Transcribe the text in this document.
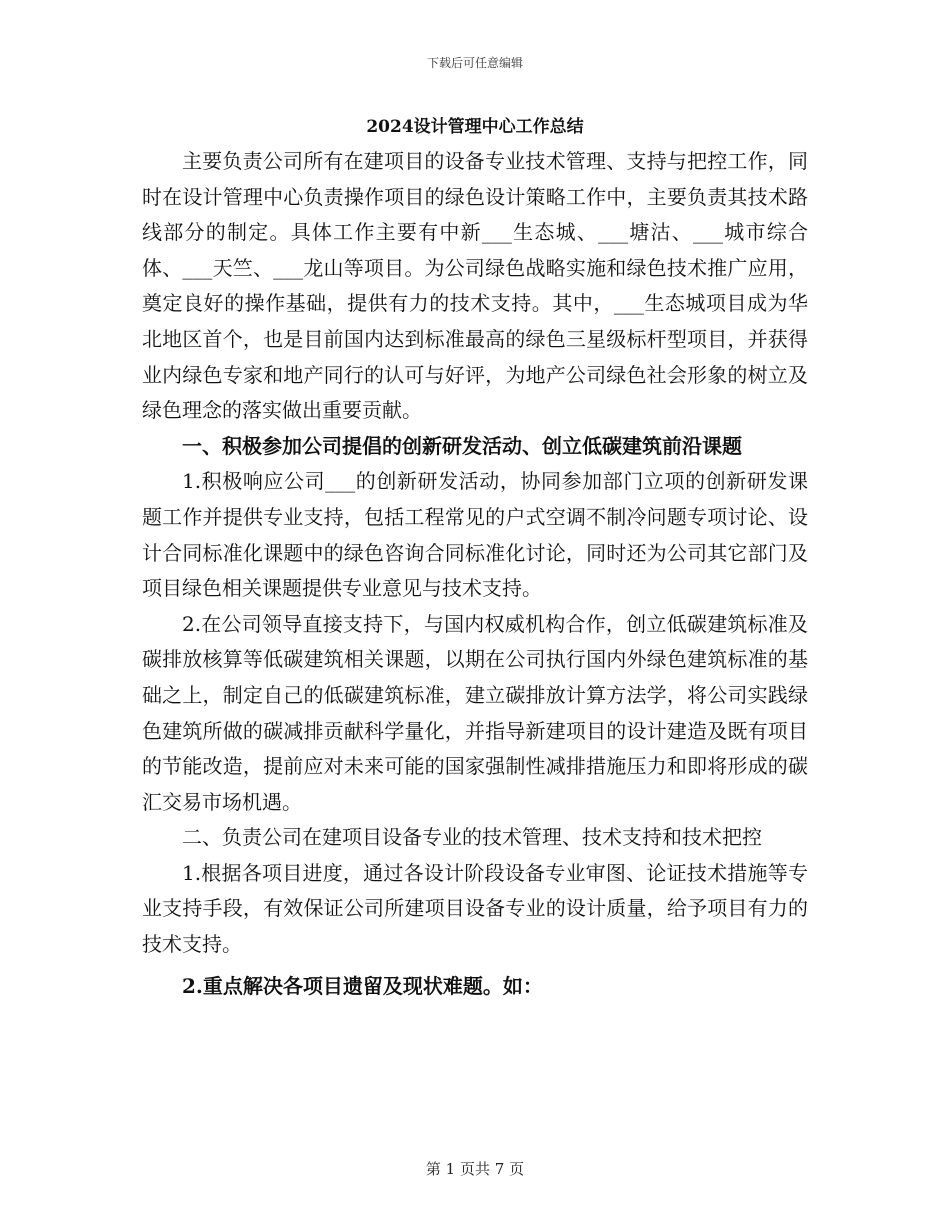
下载后可任意编辑
2024设计管理中心工作总结

主要负责公司所有在建项目的设备专业技术管理、支持与把控工作，同时在设计管理中心负责操作项目的绿色设计策略工作中，主要负责其技术路线部分的制定。具体工作主要有中新___生态城、___塘沽、___城市综合体、___天竺、___龙山等项目。为公司绿色战略实施和绿色技术推广应用，奠定良好的操作基础，提供有力的技术支持。其中，___生态城项目成为华北地区首个，也是目前国内达到标准最高的绿色三星级标杆型项目，并获得业内绿色专家和地产同行的认可与好评，为地产公司绿色社会形象的树立及绿色理念的落实做出重要贡献。

一、积极参加公司提倡的创新研发活动、创立低碳建筑前沿课题

1.积极响应公司___的创新研发活动，协同参加部门立项的创新研发课题工作并提供专业支持，包括工程常见的户式空调不制冷问题专项讨论、设计合同标准化课题中的绿色咨询合同标准化讨论，同时还为公司其它部门及项目绿色相关课题提供专业意见与技术支持。

2.在公司领导直接支持下，与国内权威机构合作，创立低碳建筑标准及碳排放核算等低碳建筑相关课题，以期在公司执行国内外绿色建筑标准的基础之上，制定自己的低碳建筑标准，建立碳排放计算方法学，将公司实践绿色建筑所做的碳减排贡献科学量化，并指导新建项目的设计建造及既有项目的节能改造，提前应对未来可能的国家强制性减排措施压力和即将形成的碳汇交易市场机遇。

二、负责公司在建项目设备专业的技术管理、技术支持和技术把控

1.根据各项目进度，通过各设计阶段设备专业审图、论证技术措施等专业支持手段，有效保证公司所建项目设备专业的设计质量，给予项目有力的技术支持。

2.重点解决各项目遗留及现状难题。如：

第 1 页共 7 页
